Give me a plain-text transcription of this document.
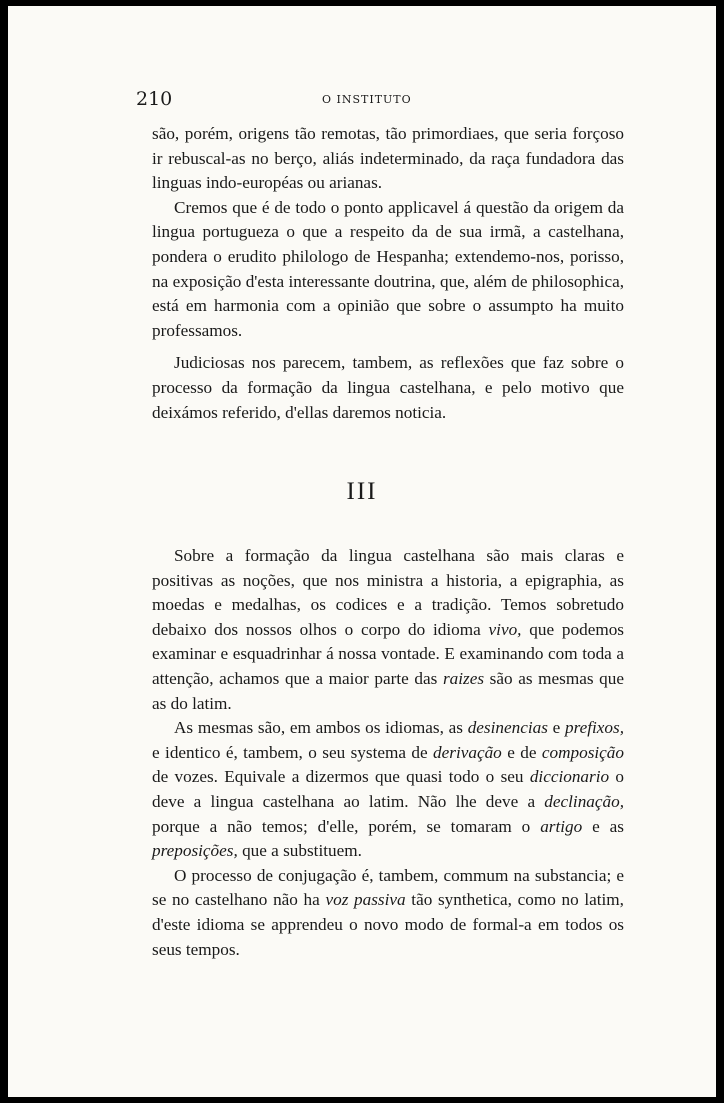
210	O INSTITUTO

são, porém, origens tão remotas, tão primordiaes, que seria forçoso ir rebuscal-as no berço, aliás indeterminado, da raça fundadora das linguas indo-européas ou arianas.

Cremos que é de todo o ponto applicavel á questão da origem da lingua portugueza o que a respeito da de sua irmã, a castelhana, pondera o erudito philologo de Hespanha; extendemo-nos, porisso, na exposição d'esta interessante doutrina, que, além de philosophica, está em harmonia com a opinião que sobre o assumpto ha muito professamos.

Judiciosas nos parecem, tambem, as reflexões que faz sobre o processo da formação da lingua castelhana, e pelo motivo que deixámos referido, d'ellas daremos noticia.

III

Sobre a formação da lingua castelhana são mais claras e positivas as noções, que nos ministra a historia, a epigraphia, as moedas e medalhas, os codices e a tradição. Temos sobretudo debaixo dos nossos olhos o corpo do idioma vivo, que podemos examinar e esquadrinhar á nossa vontade. E examinando com toda a attenção, achamos que a maior parte das raizes são as mesmas que as do latim.

As mesmas são, em ambos os idiomas, as desinencias e prefixos, e identico é, tambem, o seu systema de derivação e de composição de vozes. Equivale a dizermos que quasi todo o seu diccionario o deve a lingua castelhana ao latim. Não lhe deve a declinação, porque a não temos; d'elle, porém, se tomaram o artigo e as preposições, que a substituem.

O processo de conjugação é, tambem, commum na substancia; e se no castelhano não ha voz passiva tão synthetica, como no latim, d'este idioma se apprendeu o novo modo de formal-a em todos os seus tempos.
